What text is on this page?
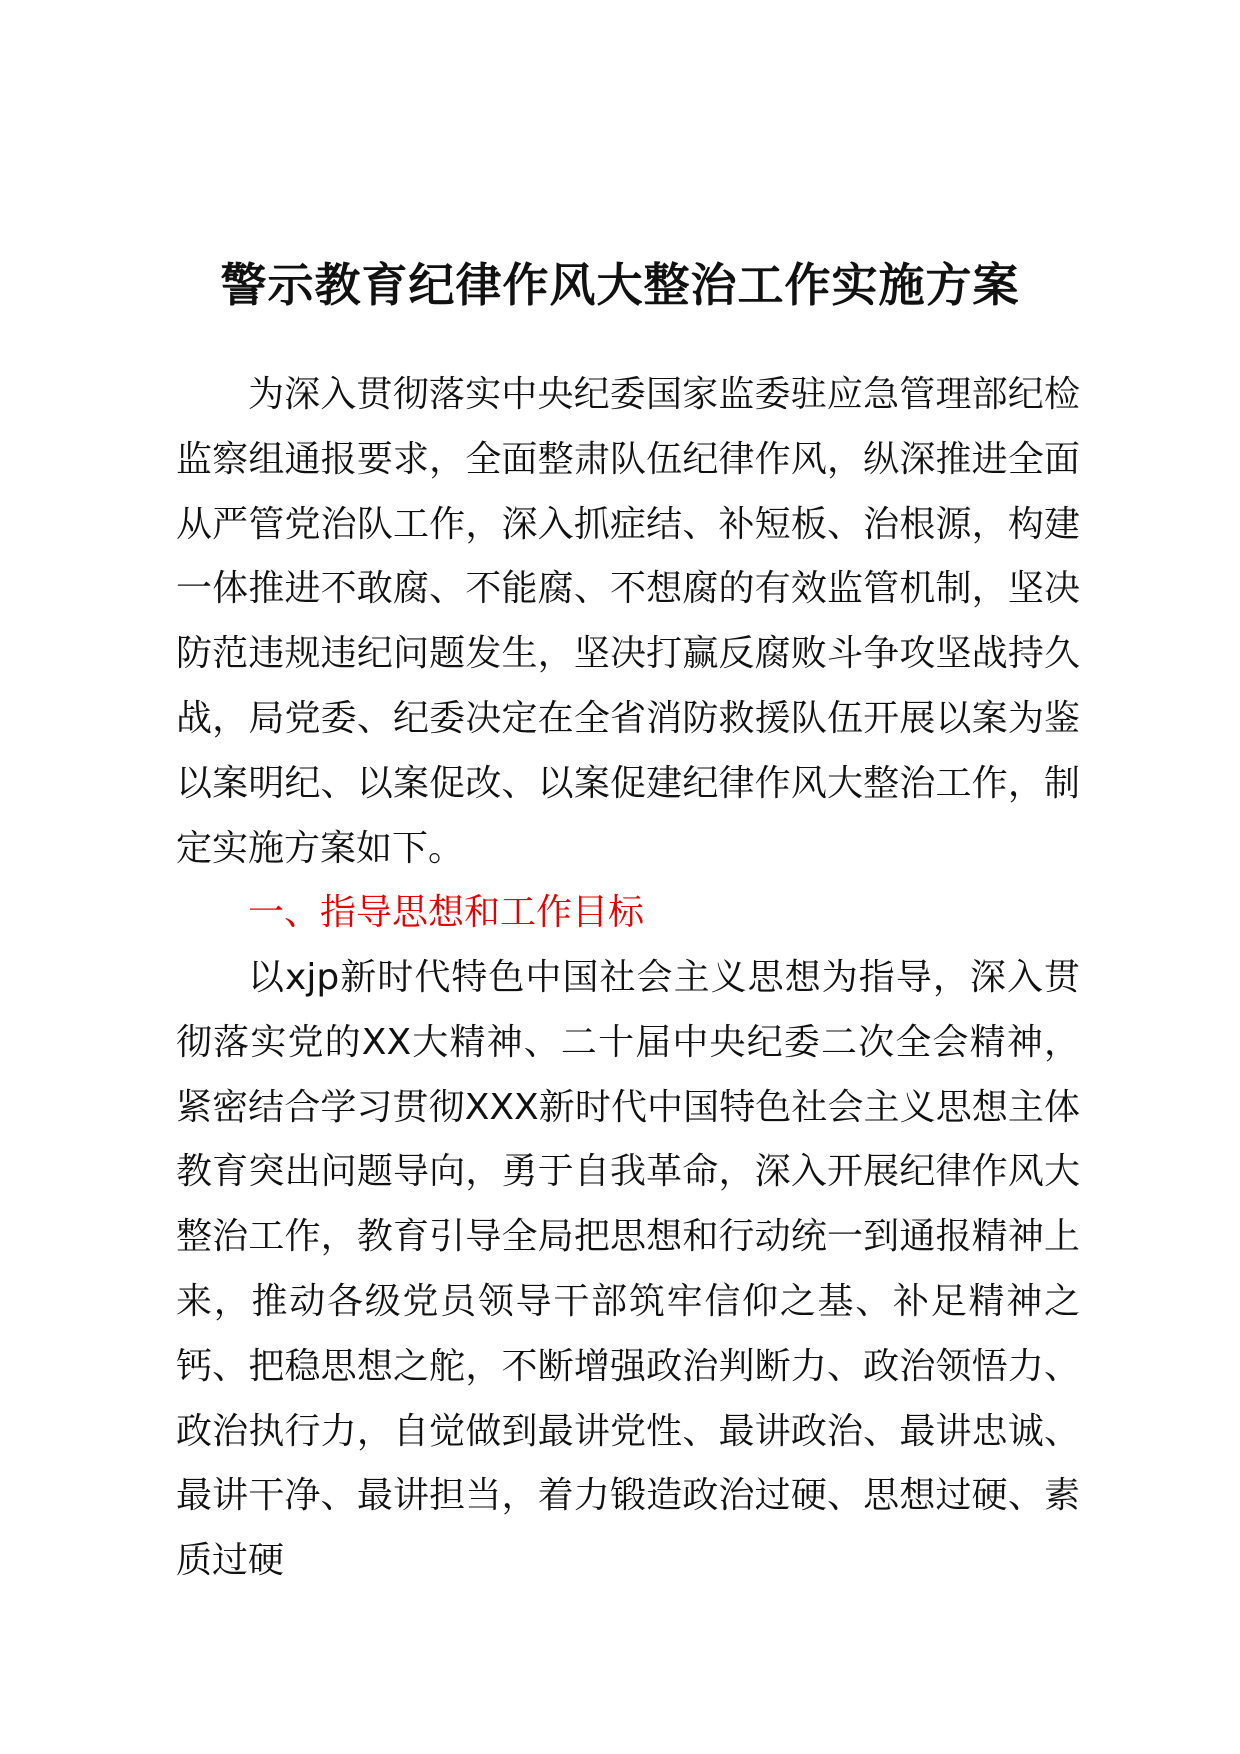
警示教育纪律作风大整治工作实施方案

为深入贯彻落实中央纪委国家监委驻应急管理部纪检监察组通报要求，全面整肃队伍纪律作风，纵深推进全面从严管党治队工作，深入抓症结、补短板、治根源，构建一体推进不敢腐、不能腐、不想腐的有效监管机制，坚决防范违规违纪问题发生，坚决打赢反腐败斗争攻坚战持久战，局党委、纪委决定在全省消防救援队伍开展以案为鉴以案明纪、以案促改、以案促建纪律作风大整治工作，制定实施方案如下。

一、指导思想和工作目标

以xjp新时代特色中国社会主义思想为指导，深入贯彻落实党的XX大精神、二十届中央纪委二次全会精神，紧密结合学习贯彻XXX新时代中国特色社会主义思想主体教育突出问题导向，勇于自我革命，深入开展纪律作风大整治工作，教育引导全局把思想和行动统一到通报精神上来，推动各级党员领导干部筑牢信仰之基、补足精神之钙、把稳思想之舵，不断增强政治判断力、政治领悟力、政治执行力，自觉做到最讲党性、最讲政治、最讲忠诚、最讲干净、最讲担当，着力锻造政治过硬、思想过硬、素质过硬
